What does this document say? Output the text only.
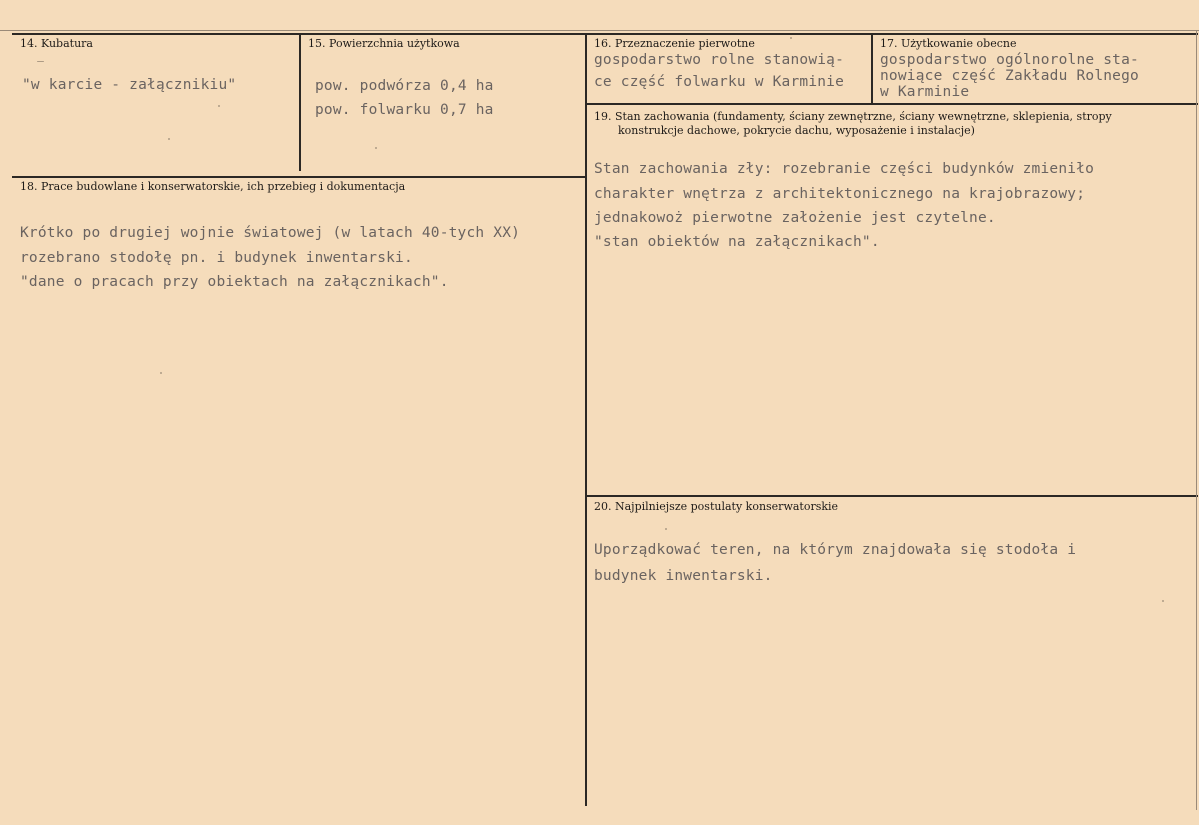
14. Kubatura
"w karcie - załącznikiu"
15. Powierzchnia użytkowa
pow. podwórza 0,4 ha
pow. folwarku 0,7 ha
16. Przeznaczenie pierwotne
gospodarstwo rolne stanowią-
ce część folwarku w Karminie
17. Użytkowanie obecne
gospodarstwo ogólnorolne sta-
nowiące część Zakładu Rolnego
w Karminie
19. Stan zachowania (fundamenty, ściany zewnętrzne, ściany wewnętrzne, sklepienia, stropy
konstrukcje dachowe, pokrycie dachu, wyposażenie i instalacje)
Stan zachowania zły: rozebranie części budynków zmieniło
charakter wnętrza z architektonicznego na krajobrazowy;
jednakowoż pierwotne założenie jest czytelne.
"stan obiektów na załącznikach".
18. Prace budowlane i konserwatorskie, ich przebieg i dokumentacja
Krótko po drugiej wojnie światowej (w latach 40-tych XX)
rozebrano stodołę pn. i budynek inwentarski.
"dane o pracach przy obiektach na załącznikach".
20. Najpilniejsze postulaty konserwatorskie
Uporządkować teren, na którym znajdowała się stodoła i
budynek inwentarski.
